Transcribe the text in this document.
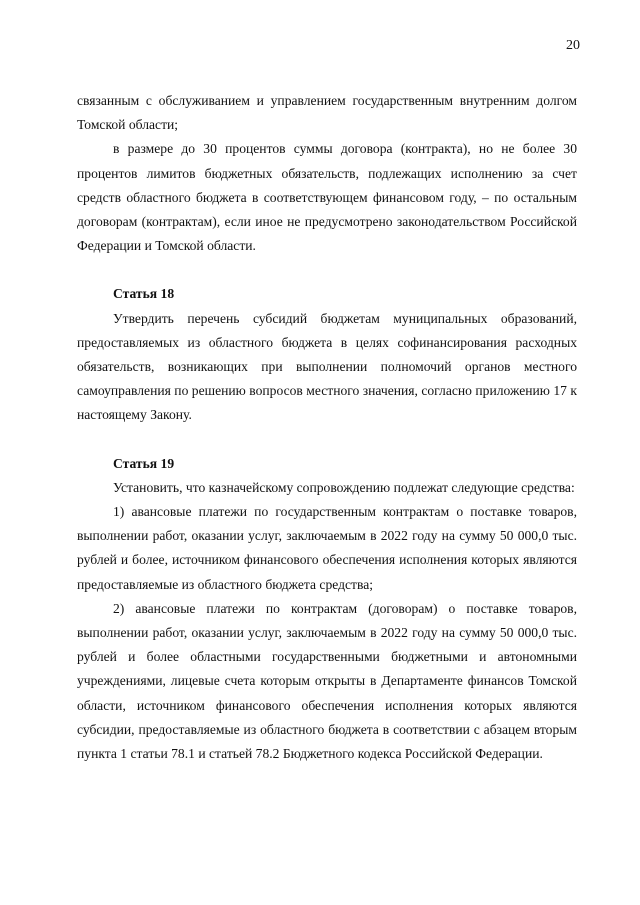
20

связанным с обслуживанием и управлением государственным внутренним долгом Томской области;

в размере до 30 процентов суммы договора (контракта), но не более 30 процентов лимитов бюджетных обязательств, подлежащих исполнению за счет средств областного бюджета в соответствующем финансовом году, – по остальным договорам (контрактам), если иное не предусмотрено законодательством Российской Федерации и Томской области.

Статья 18

Утвердить перечень субсидий бюджетам муниципальных образований, предоставляемых из областного бюджета в целях софинансирования расходных обязательств, возникающих при выполнении полномочий органов местного самоуправления по решению вопросов местного значения, согласно приложению 17 к настоящему Закону.

Статья 19

Установить, что казначейскому сопровождению подлежат следующие средства:

1) авансовые платежи по государственным контрактам о поставке товаров, выполнении работ, оказании услуг, заключаемым в 2022 году на сумму 50 000,0 тыс. рублей и более, источником финансового обеспечения исполнения которых являются предоставляемые из областного бюджета средства;

2) авансовые платежи по контрактам (договорам) о поставке товаров, выполнении работ, оказании услуг, заключаемым в 2022 году на сумму 50 000,0 тыс. рублей и более областными государственными бюджетными и автономными учреждениями, лицевые счета которым открыты в Департаменте финансов Томской области, источником финансового обеспечения исполнения которых являются субсидии, предоставляемые из областного бюджета в соответствии с абзацем вторым пункта 1 статьи 78.1 и статьей 78.2 Бюджетного кодекса Российской Федерации.
